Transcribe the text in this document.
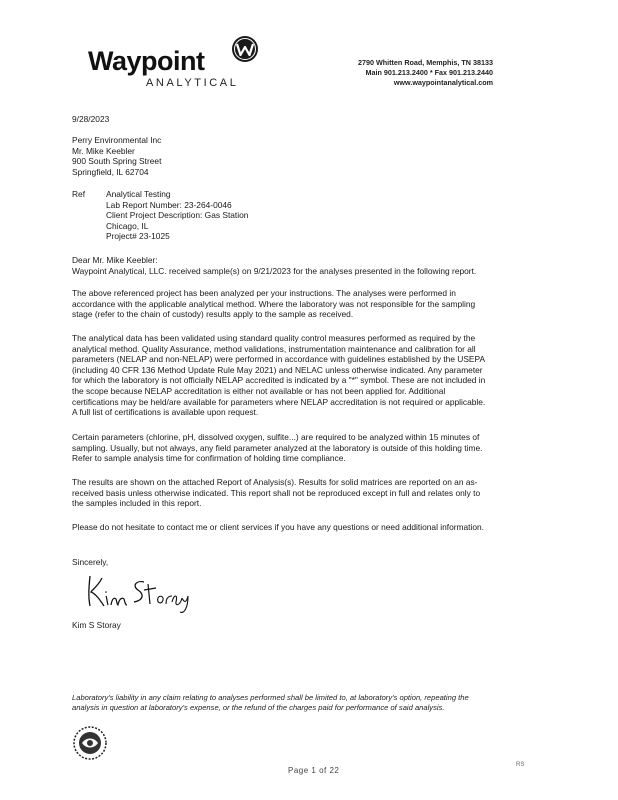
Waypoint
ANALYTICAL
2790 Whitten Road, Memphis, TN 38133
Main 901.213.2400 * Fax 901.213.2440
www.waypointanalytical.com
9/28/2023
Perry Environmental Inc
Mr. Mike Keebler
900 South Spring Street
Springfield, IL 62704
Ref Analytical Testing
Lab Report Number: 23-264-0046
Client Project Description: Gas Station
Chicago, IL
Project# 23-1025
Dear Mr. Mike Keebler:
Waypoint Analytical, LLC. received sample(s) on 9/21/2023 for the analyses presented in the following report.
The above referenced project has been analyzed per your instructions. The analyses were performed in
accordance with the applicable analytical method. Where the laboratory was not responsible for the sampling
stage (refer to the chain of custody) results apply to the sample as received.
The analytical data has been validated using standard quality control measures performed as required by the
analytical method. Quality Assurance, method validations, instrumentation maintenance and calibration for all
parameters (NELAP and non-NELAP) were performed in accordance with guidelines established by the USEPA
(including 40 CFR 136 Method Update Rule May 2021) and NELAC unless otherwise indicated. Any parameter
for which the laboratory is not officially NELAP accredited is indicated by a "*" symbol. These are not included in
the scope because NELAP accreditation is either not available or has not been applied for. Additional
certifications may be held/are available for parameters where NELAP accreditation is not required or applicable.
A full list of certifications is available upon request.
Certain parameters (chlorine, pH, dissolved oxygen, sulfite...) are required to be analyzed within 15 minutes of
sampling. Usually, but not always, any field parameter analyzed at the laboratory is outside of this holding time.
Refer to sample analysis time for confirmation of holding time compliance.
The results are shown on the attached Report of Analysis(s). Results for solid matrices are reported on an as-
received basis unless otherwise indicated. This report shall not be reproduced except in full and relates only to
the samples included in this report.
Please do not hesitate to contact me or client services if you have any questions or need additional information.
Sincerely,
Kim S Storay
Laboratory's liability in any claim relating to analyses performed shall be limited to, at laboratory's option, repeating the
analysis in question at laboratory's expense, or the refund of the charges paid for performance of said analysis.
Page 1 of 22
RS
